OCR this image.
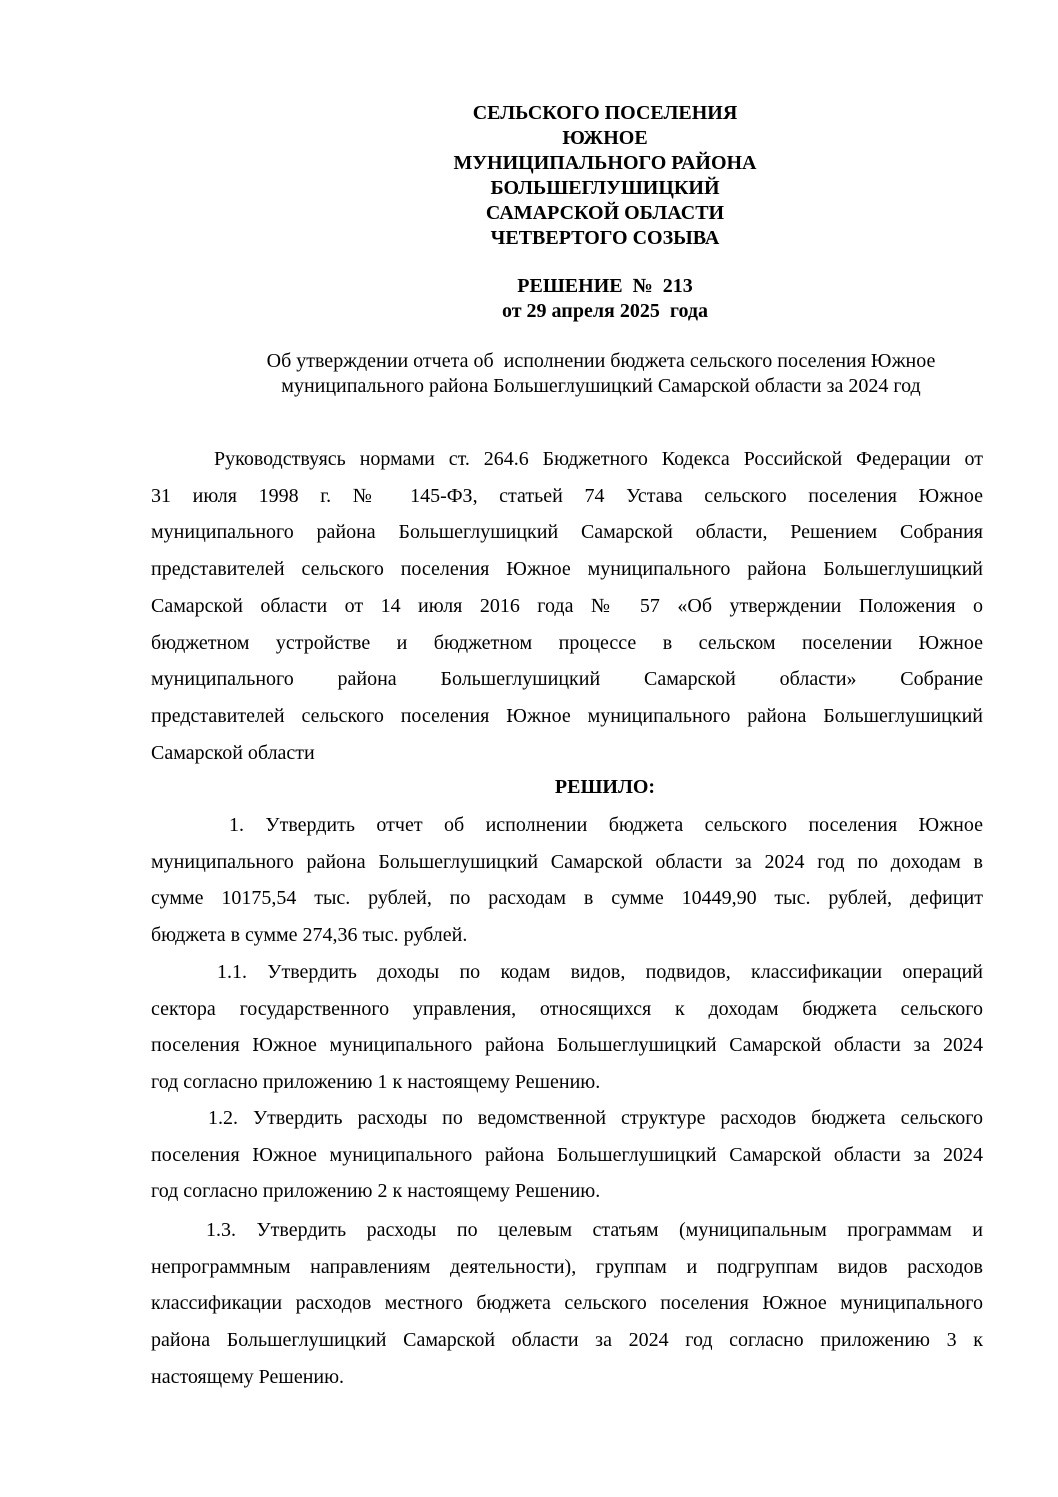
СЕЛЬСКОГО ПОСЕЛЕНИЯ
ЮЖНОЕ
МУНИЦИПАЛЬНОГО РАЙОНА
БОЛЬШЕГЛУШИЦКИЙ
САМАРСКОЙ ОБЛАСТИ
ЧЕТВЕРТОГО СОЗЫВА
РЕШЕНИЕ  №  213
от 29 апреля 2025  года
Об утверждении отчета об  исполнении бюджета сельского поселения Южное
муниципального района Большеглушицкий Самарской области за 2024 год
Руководствуясь нормами ст. 264.6 Бюджетного Кодекса Российской Федерации от
31 июля 1998 г. № 145-ФЗ, статьей 74 Устава сельского поселения Южное
муниципального района Большеглушицкий Самарской области, Решением Собрания
представителей сельского поселения Южное муниципального района Большеглушицкий
Самарской области от 14 июля 2016 года № 57 «Об утверждении Положения о
бюджетном устройстве и бюджетном процессе в сельском поселении Южное
муниципального района Большеглушицкий Самарской области» Собрание
представителей сельского поселения Южное муниципального района Большеглушицкий
Самарской области
РЕШИЛО:
1. Утвердить отчет об исполнении бюджета сельского поселения Южное
муниципального района Большеглушицкий Самарской области за 2024 год по доходам в
сумме 10175,54 тыс. рублей, по расходам в сумме 10449,90 тыс. рублей, дефицит
бюджета в сумме 274,36 тыс. рублей.
1.1. Утвердить доходы по кодам видов, подвидов, классификации операций
сектора государственного управления, относящихся к доходам бюджета сельского
поселения Южное муниципального района Большеглушицкий Самарской области за 2024
год согласно приложению 1 к настоящему Решению.
1.2. Утвердить расходы по ведомственной структуре расходов бюджета сельского
поселения Южное муниципального района Большеглушицкий Самарской области за 2024
год согласно приложению 2 к настоящему Решению.
1.3. Утвердить расходы по целевым статьям (муниципальным программам и
непрограммным направлениям деятельности), группам и подгруппам видов расходов
классификации расходов местного бюджета сельского поселения Южное муниципального
района Большеглушицкий Самарской области за 2024 год согласно приложению 3 к
настоящему Решению.
